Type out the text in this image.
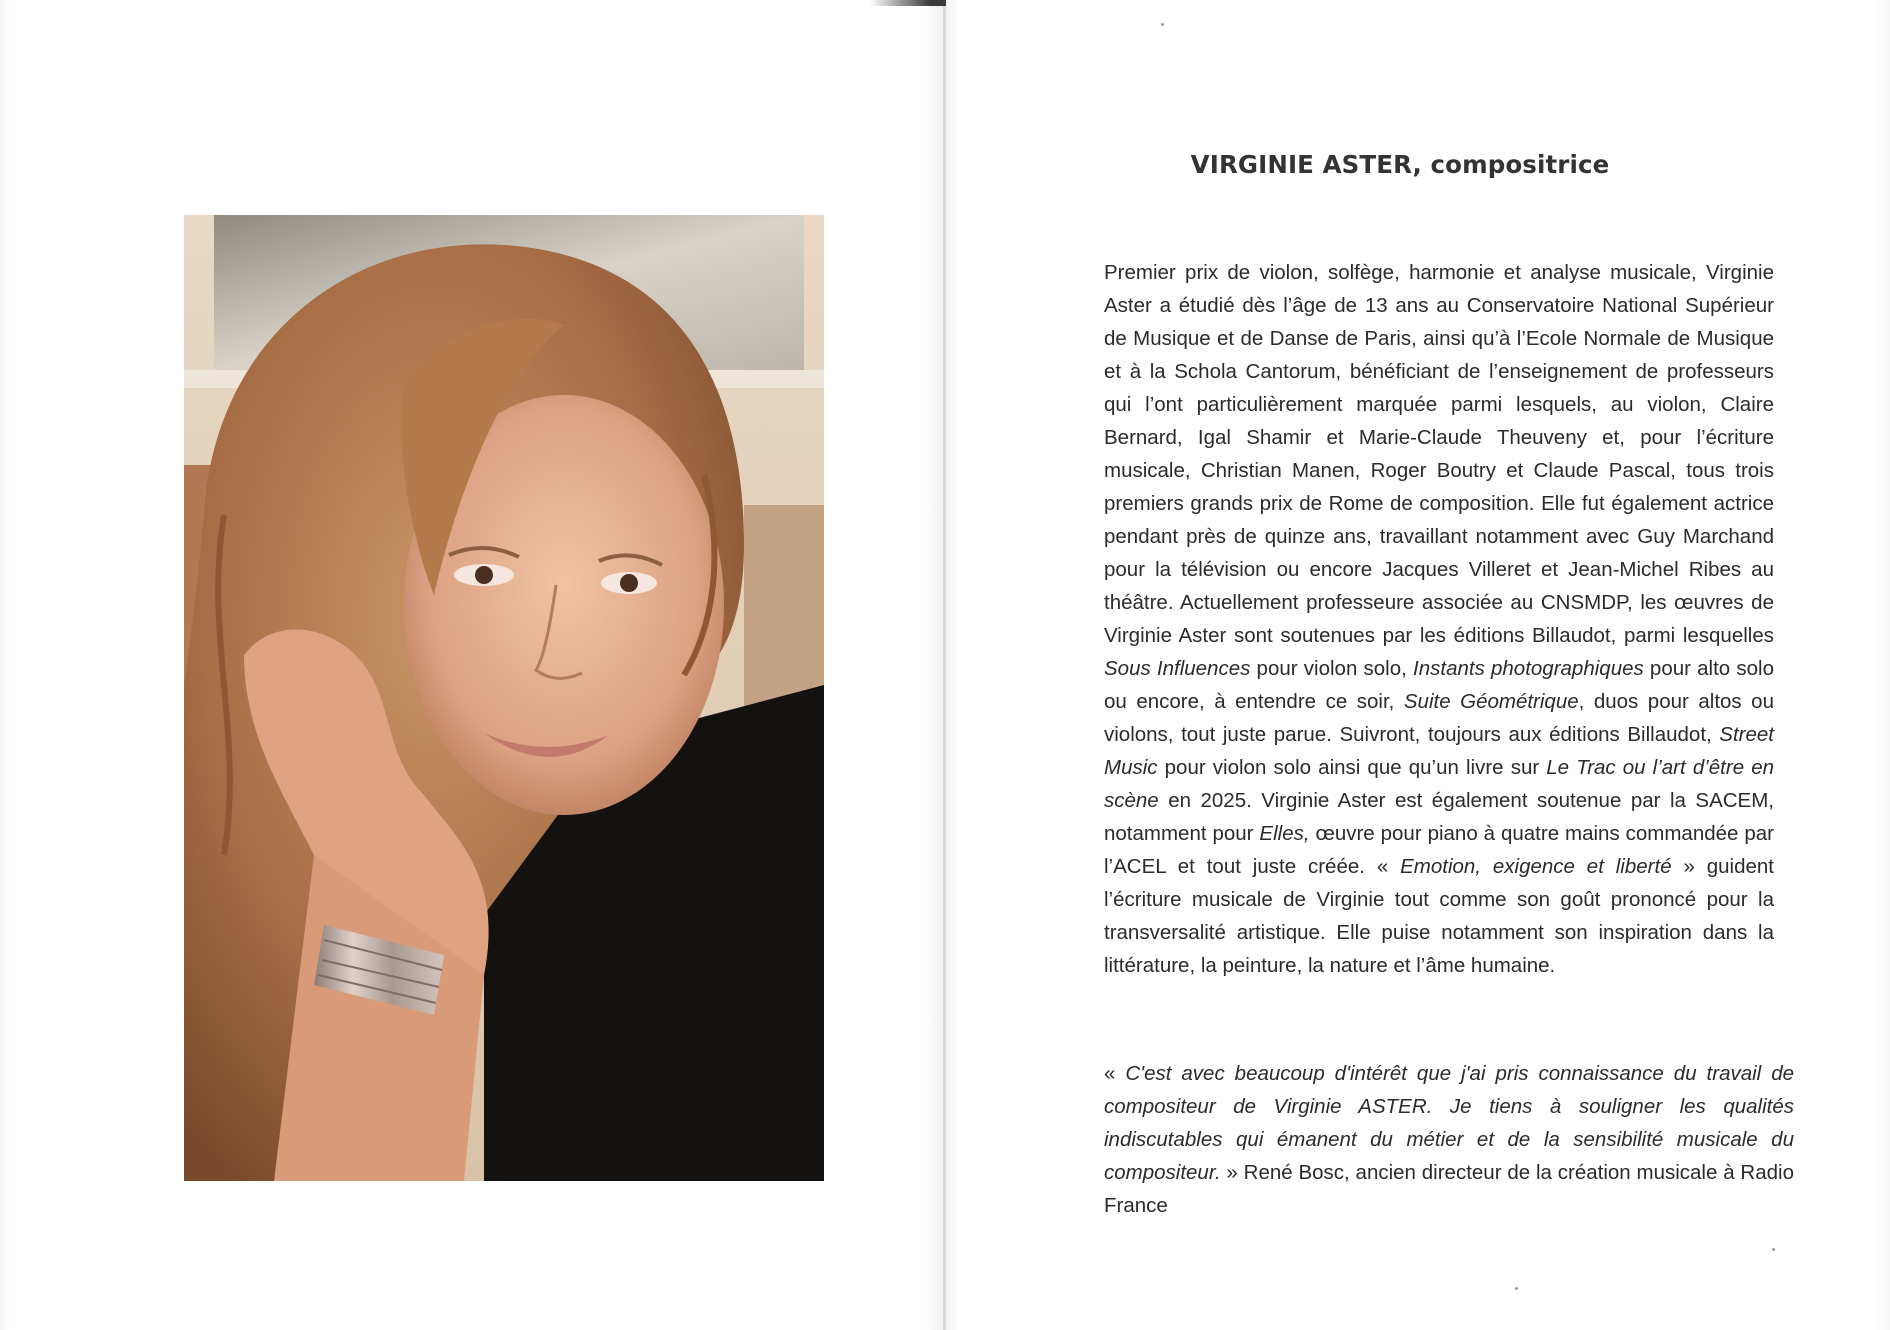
VIRGINIE ASTER, compositrice

Premier prix de violon, solfège, harmonie et analyse musicale, Virginie Aster a étudié dès l’âge de 13 ans au Conservatoire National Supérieur de Musique et de Danse de Paris, ainsi qu’à l’Ecole Normale de Musique et à la Schola Cantorum, bénéficiant de l’enseignement de professeurs qui l’ont particulièrement marquée parmi lesquels, au violon, Claire Bernard, Igal Shamir et Marie-Claude Theuveny et, pour l’écriture musicale, Christian Manen, Roger Boutry et Claude Pascal, tous trois premiers grands prix de Rome de composition. Elle fut également actrice pendant près de quinze ans, travaillant notamment avec Guy Marchand pour la télévision ou encore Jacques Villeret et Jean-Michel Ribes au théâtre. Actuellement professeure associée au CNSMDP, les œuvres de Virginie Aster sont soutenues par les éditions Billaudot, parmi lesquelles Sous Influences pour violon solo, Instants photographiques pour alto solo ou encore, à entendre ce soir, Suite Géométrique, duos pour altos ou violons, tout juste parue. Suivront, toujours aux éditions Billaudot, Street Music pour violon solo ainsi que qu’un livre sur Le Trac ou l’art d’être en scène en 2025. Virginie Aster est également soutenue par la SACEM, notamment pour Elles, œuvre pour piano à quatre mains commandée par l’ACEL et tout juste créée. « Emotion, exigence et liberté » guident l’écriture musicale de Virginie tout comme son goût prononcé pour la transversalité artistique. Elle puise notamment son inspiration dans la littérature, la peinture, la nature et l’âme humaine.

« C'est avec beaucoup d'intérêt que j'ai pris connaissance du travail de compositeur de Virginie ASTER. Je tiens à souligner les qualités indiscutables qui émanent du métier et de la sensibilité musicale du compositeur. » René Bosc, ancien directeur de la création musicale à Radio France
